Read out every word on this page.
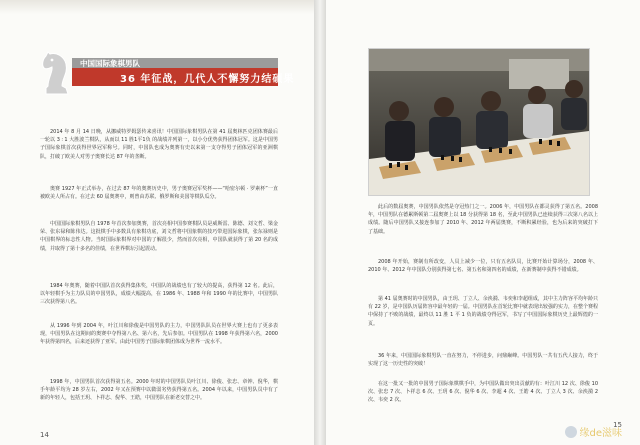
中国国际象棋男队
36 年征战，几代人不懈努力结硕果
2014 年 8 月 14 日晚，从挪威特罗姆瑟传来喜讯！中国国际象棋男队在第 41 届奥林匹克团体赛最后一轮以 3 ∶ 1 大胜波兰棋队，从而以 11 胜1平1负 的战绩并列第一，以小分优势获得团体冠军。这是中国男子国际象棋首次获得世界冠军称号。同时，中国队也成为奥赛有史以来第一支夺得男子团体冠军的亚洲棋队，打破了欧美人对男子奥赛长达 87 年的垄断。
奥赛 1927 年正式举办，在过去 87 年的奥赛历史中，男子奥赛冠军奖杯——“哈密尔顿 · 罗素杯”一直被欧美人所占有。在过去 60 届奥赛中，则曾由苏联、俄罗斯和美国等棋队瓜分。
中国国际象棋男队自 1978 年首次参加奥赛，首次亮相中国参赛棋队员是威斯雷、陈德、刘文哲、梁金荣、张东禄和陈伟达。这批棋手中多数具有象棋功底，刘文哲将中国象棋的技巧带进国际象棋，张东禄则是中国棋界的标志性人物。当时国际象棋界对中国的了解很少，然而首次亮相，中国队就获得了第 20 名的成绩，并取得了第十多名的佳绩，在世界棋坛引起震动。
1984 年奥赛，随着中国队首次获得集体奖，中国队的战绩也有了较大的提高，获得第 12 名。此后，以年轻棋手为主力队员的中国男队，成绩大幅提高，在 1986 年、1988 年和 1990 年的比赛中，中国男队三次获得第八名。
从 1996 年到 2004 年，叶江川和徐俊是中国男队的主力，中国男队队员在世界大赛上也有了更多表现，中国男队在这期间的奥赛中夺得第八名、第六名，先后参加。中国男队在 1998 年获得第六名，2000 年获得第四名，后来还获得了亚军。由此中国男子国际象棋团体成为世界一流水平。
1998 年，中国男队首次获得第五名。2000 年时的中国男队员叶江川、徐俊、张忠、章钟、倪华，棋手年龄平均为 28 岁左右，2002 年又在预赛中以微弱劣势获得第五名。2004 年以来，中国男队员中有了新的年轻人，包括王玥、卜祥志、倪华、王皓，中国男队在新老交替之中。
14
此后的数届奥赛，中国男队依然是夺冠热门之一。2006 年，中国男队在都灵获得了第五名。2008 年，中国男队在德累斯顿第二届奥赛上以 18 分获得第 18 名，至此中国男队已连续获得三次第八名以上成绩。随后中国男队又接连参加了 2010 年、2012 年两届奥赛，不断积累经验，也为后来的突破打下了基础。
2008 年开始，赛制有所改变，人员上减少一位，只有五名队员，比赛开始计算场分，2008 年、2010 年、2012 年中国队分别获得第七名、第五名和第四名的成绩，在新赛制中获得不错成绩。
第 41 届奥赛时的中国男队，由王玥、丁立人、余泱漪、韦奕和李超组成，其中主力阵容平均年龄只有 22 岁，是中国队历届阵容中最年轻的一届。中国男队在首轮比赛中就表现出较强的实力，在整个赛程中保持了不败的战绩，最终以 11 胜 1 平 1 负的战绩夺得冠军，书写了中国国际象棋历史上最辉煌的一页。
36 年来，中国国际象棋男队一直在努力，不停进步，问鼎巅峰。中国男队一共有五代人接力，终于实现了这一历史性的突破！
在这一批又一批的中国男子国际象棋棋手中，为中国队做出突出贡献的有：叶江川 12 次、徐俊 10 次、张忠 7 次、卜祥志 6 次、王玥 6 次、倪华 6 次、李超 4 次、王皓 4 次、丁立人 3 次、余泱漪 2 次、韦奕 2 次。
15
缘de滋味
